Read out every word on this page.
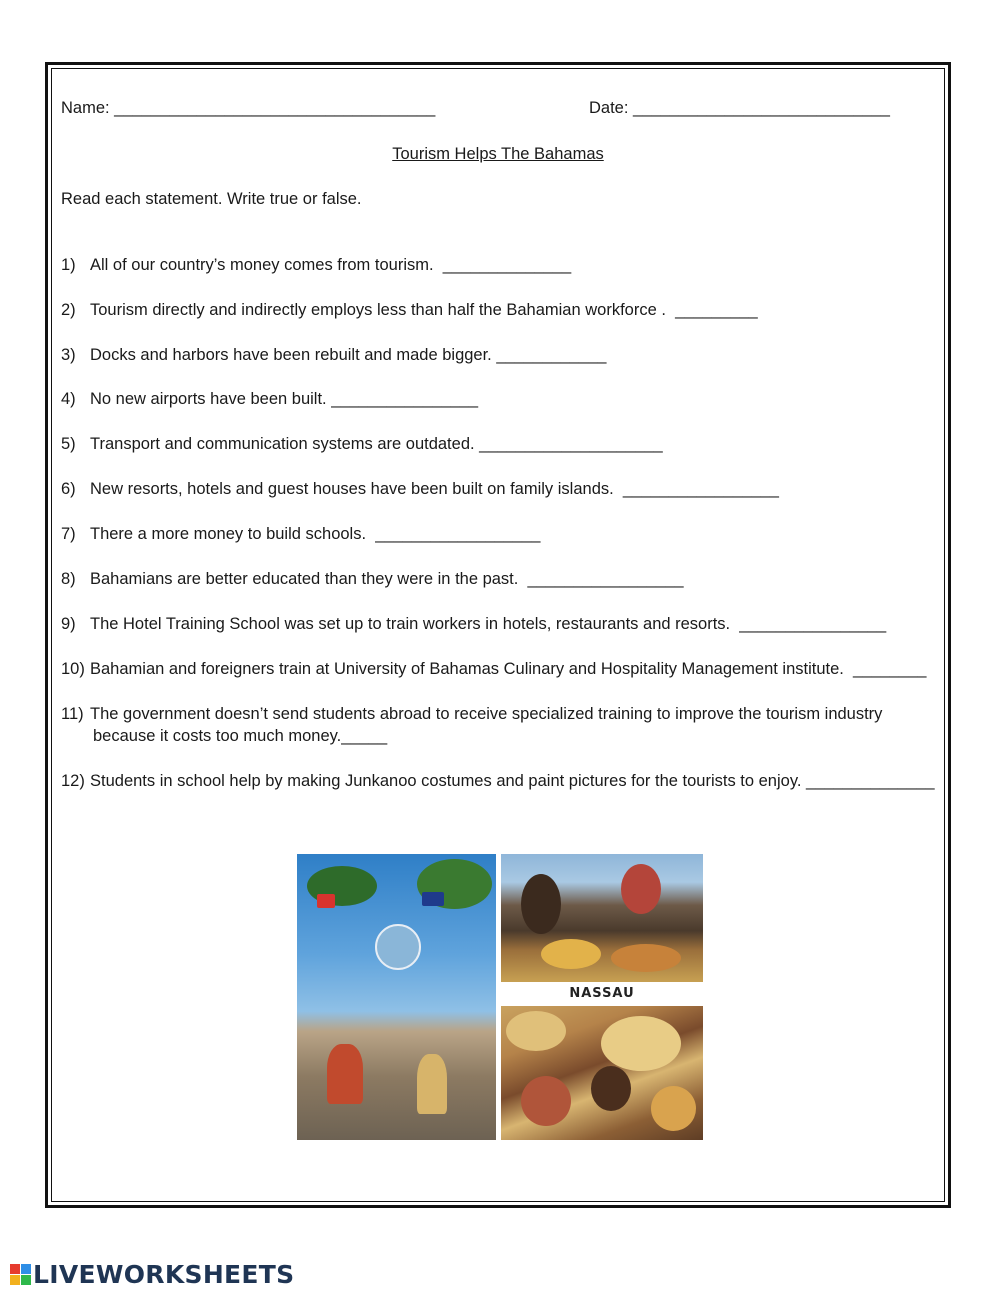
Name: ___________________________________	Date: ____________________________
Tourism Helps The Bahamas
Read each statement. Write true or false.
1) All of our country’s money comes from tourism.  ______________
2) Tourism directly and indirectly employs less than half the Bahamian workforce .  _________
3) Docks and harbors have been rebuilt and made bigger. ____________
4) No new airports have been built. ________________
5) Transport and communication systems are outdated. ____________________
6) New resorts, hotels and guest houses have been built on family islands.  _________________
7) There a more money to build schools.  __________________
8) Bahamians are better educated than they were in the past.  _________________
9) The Hotel Training School was set up to train workers in hotels, restaurants and resorts.  ________________
10) Bahamian and foreigners train at University of Bahamas Culinary and Hospitality Management institute.  ________
11) The government doesn’t send students abroad to receive specialized training to improve the tourism industry
because it costs too much money._____
12) Students in school help by making Junkanoo costumes and paint pictures for the tourists to enjoy. ______________
NASSAU
LIVEWORKSHEETS
